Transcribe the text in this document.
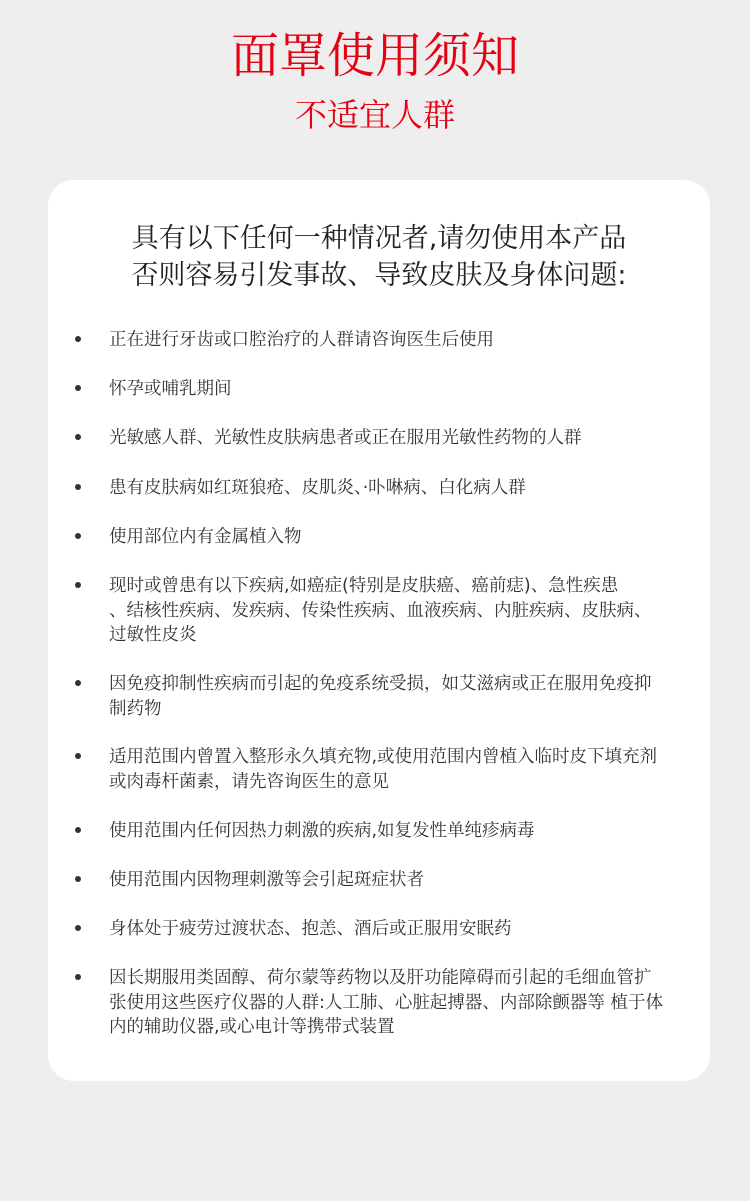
面罩使用须知
不适宜人群
具有以下任何一种情况者,请勿使用本产品
否则容易引发事故、导致皮肤及身体问题:
正在进行牙齿或口腔治疗的人群请咨询医生后使用
怀孕或哺乳期间
光敏感人群、光敏性皮肤病患者或正在服用光敏性药物的人群
患有皮肤病如红斑狼疮、皮肌炎、·卟啉病、白化病人群
使用部位内有金属植入物
现时或曾患有以下疾病,如癌症(特别是皮肤癌、癌前痣)、急性疾患　　、结核性疾病、发疾病、传染性疾病、血液疾病、内脏疾病、皮肤病、过敏性皮炎
因免疫抑制性疾病而引起的免疫系统受损，如艾滋病或正在服用免疫抑制药物
适用范围内曾置入整形永久填充物,或使用范围内曾植入临时皮下填充剂或肉毒杆菌素，请先咨询医生的意见
使用范围内任何因热力刺激的疾病,如复发性单纯疹病毒
使用范围内因物理刺激等会引起斑症状者
身体处于疲劳过渡状态、抱恙、酒后或正服用安眠药
因长期服用类固醇、荷尔蒙等药物以及肝功能障碍而引起的毛细血管扩张使用这些医疗仪器的人群:人工肺、心脏起搏器、内部除颤器等 植于体内的辅助仪器,或心电计等携带式装置
